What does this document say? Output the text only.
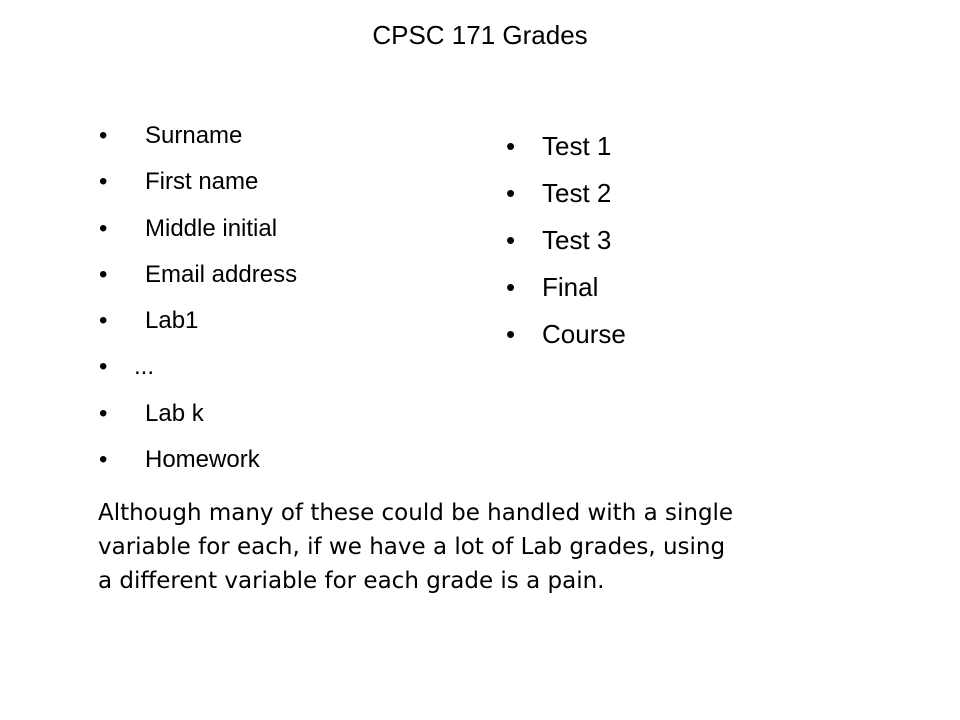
CPSC 171 Grades
• Surname
• First name
• Middle initial
• Email address
• Lab1
• ...
• Lab k
• Homework
• Test 1
• Test 2
• Test 3
• Final
• Course

Although many of these could be handled with a single
variable for each, if we have a lot of Lab grades, using
a different variable for each grade is a pain.
